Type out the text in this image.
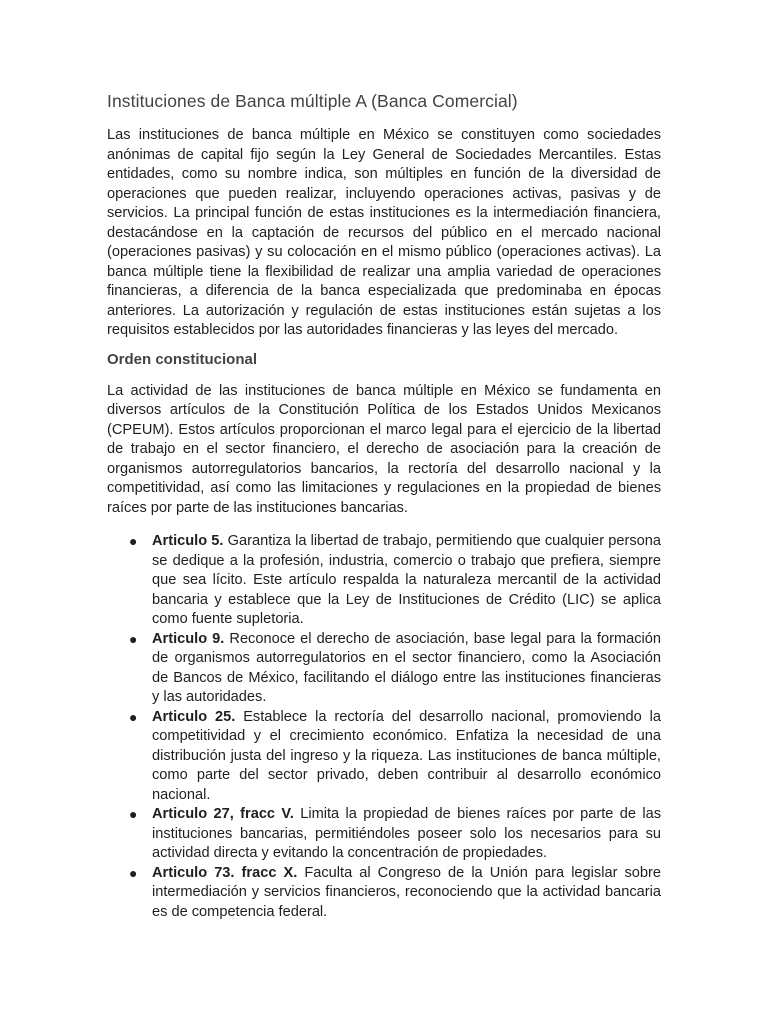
Instituciones de Banca múltiple A (Banca Comercial)

Las instituciones de banca múltiple en México se constituyen como sociedades anónimas de capital fijo según la Ley General de Sociedades Mercantiles. Estas entidades, como su nombre indica, son múltiples en función de la diversidad de operaciones que pueden realizar, incluyendo operaciones activas, pasivas y de servicios. La principal función de estas instituciones es la intermediación financiera, destacándose en la captación de recursos del público en el mercado nacional (operaciones pasivas) y su colocación en el mismo público (operaciones activas). La banca múltiple tiene la flexibilidad de realizar una amplia variedad de operaciones financieras, a diferencia de la banca especializada que predominaba en épocas anteriores. La autorización y regulación de estas instituciones están sujetas a los requisitos establecidos por las autoridades financieras y las leyes del mercado.

Orden constitucional

La actividad de las instituciones de banca múltiple en México se fundamenta en diversos artículos de la Constitución Política de los Estados Unidos Mexicanos (CPEUM). Estos artículos proporcionan el marco legal para el ejercicio de la libertad de trabajo en el sector financiero, el derecho de asociación para la creación de organismos autorregulatorios bancarios, la rectoría del desarrollo nacional y la competitividad, así como las limitaciones y regulaciones en la propiedad de bienes raíces por parte de las instituciones bancarias.

● Articulo 5. Garantiza la libertad de trabajo, permitiendo que cualquier persona se dedique a la profesión, industria, comercio o trabajo que prefiera, siempre que sea lícito. Este artículo respalda la naturaleza mercantil de la actividad bancaria y establece que la Ley de Instituciones de Crédito (LIC) se aplica como fuente supletoria.
● Articulo 9. Reconoce el derecho de asociación, base legal para la formación de organismos autorregulatorios en el sector financiero, como la Asociación de Bancos de México, facilitando el diálogo entre las instituciones financieras y las autoridades.
● Articulo 25. Establece la rectoría del desarrollo nacional, promoviendo la competitividad y el crecimiento económico. Enfatiza la necesidad de una distribución justa del ingreso y la riqueza. Las instituciones de banca múltiple, como parte del sector privado, deben contribuir al desarrollo económico nacional.
● Articulo 27, fracc V. Limita la propiedad de bienes raíces por parte de las instituciones bancarias, permitiéndoles poseer solo los necesarios para su actividad directa y evitando la concentración de propiedades.
● Articulo 73. fracc X. Faculta al Congreso de la Unión para legislar sobre intermediación y servicios financieros, reconociendo que la actividad bancaria es de competencia federal.
